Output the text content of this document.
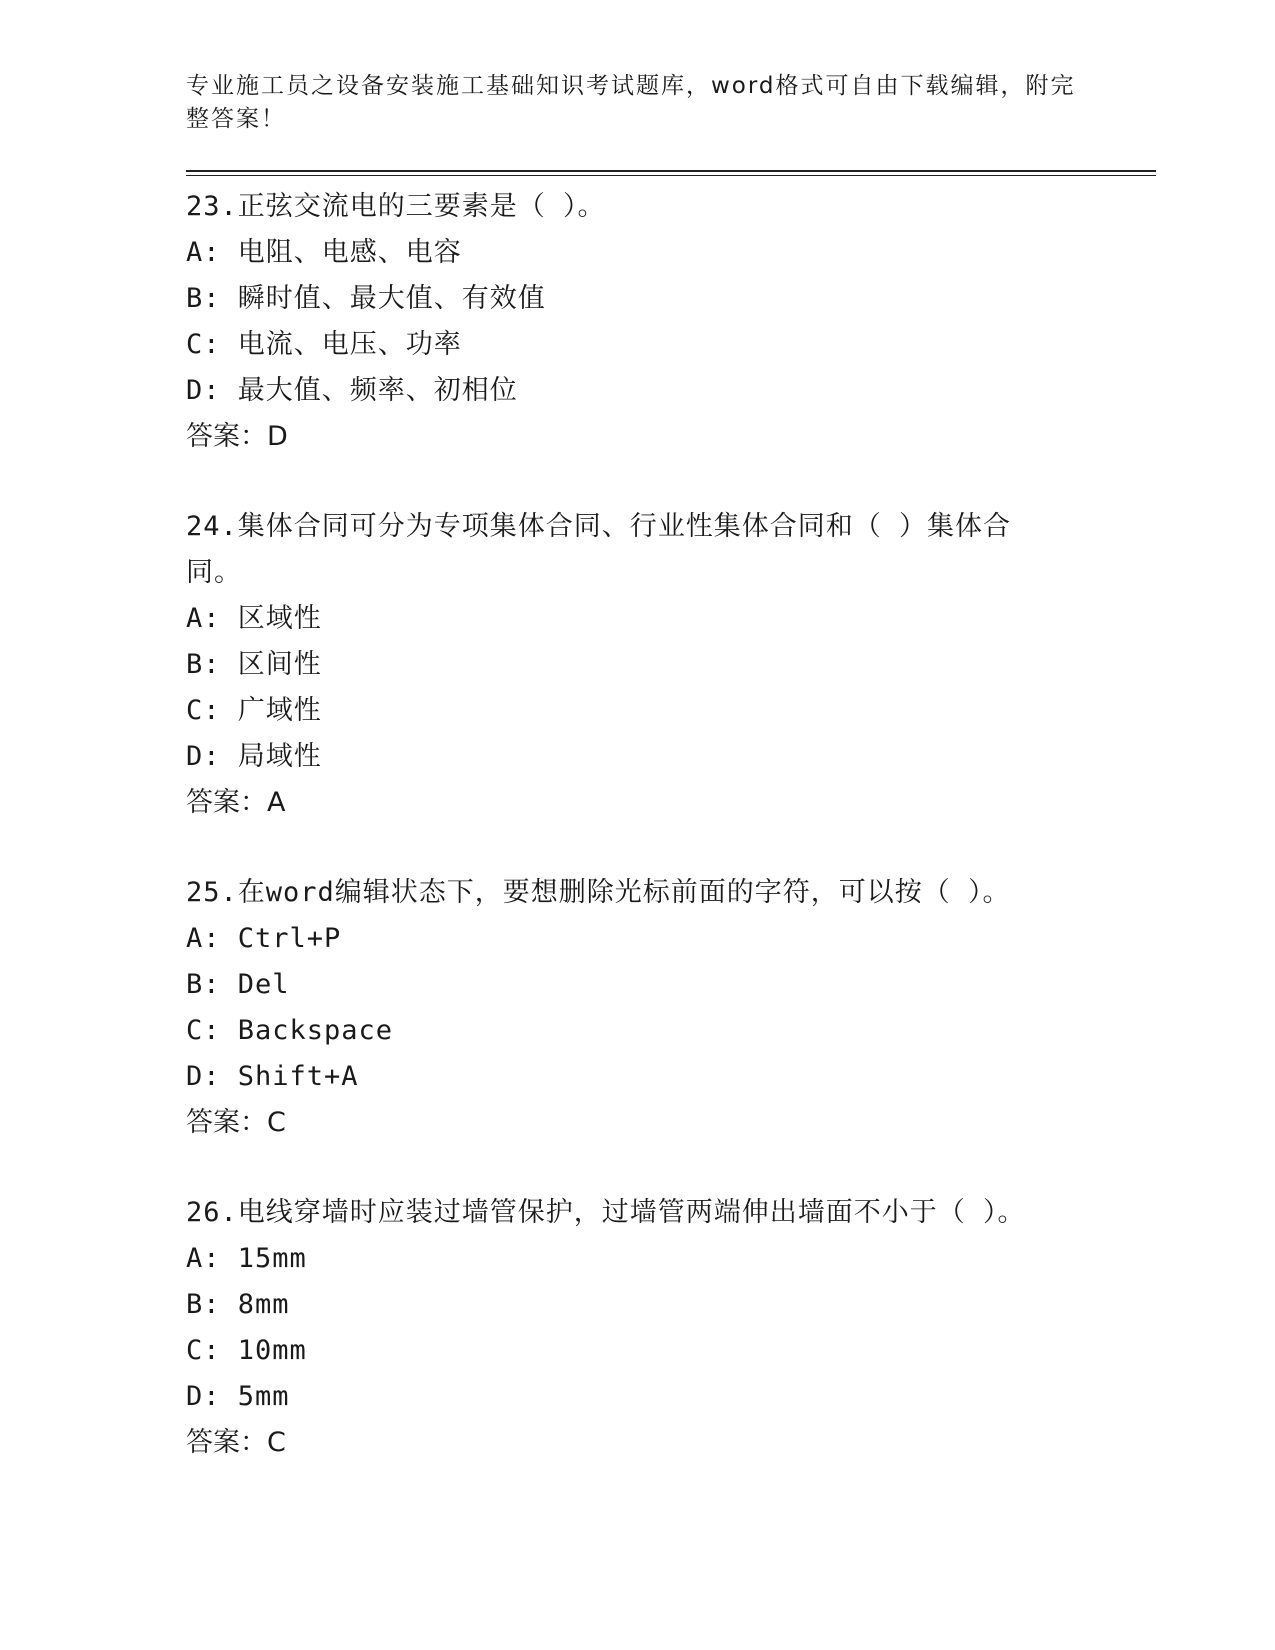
专业施工员之设备安装施工基础知识考试题库，word格式可自由下载编辑，附完整答案！

23.正弦交流电的三要素是（ ）。

A: 电阻、电感、电容

B: 瞬时值、最大值、有效值

C: 电流、电压、功率

D: 最大值、频率、初相位

答案：D

24.集体合同可分为专项集体合同、行业性集体合同和（ ）集体合同。

A: 区域性

B: 区间性

C: 广域性

D: 局域性

答案：A

25.在word编辑状态下，要想删除光标前面的字符，可以按（ ）。

A: Ctrl+P

B: Del

C: Backspace

D: Shift+A

答案：C

26.电线穿墙时应装过墙管保护，过墙管两端伸出墙面不小于（ ）。

A: 15mm

B: 8mm

C: 10mm

D: 5mm

答案：C
